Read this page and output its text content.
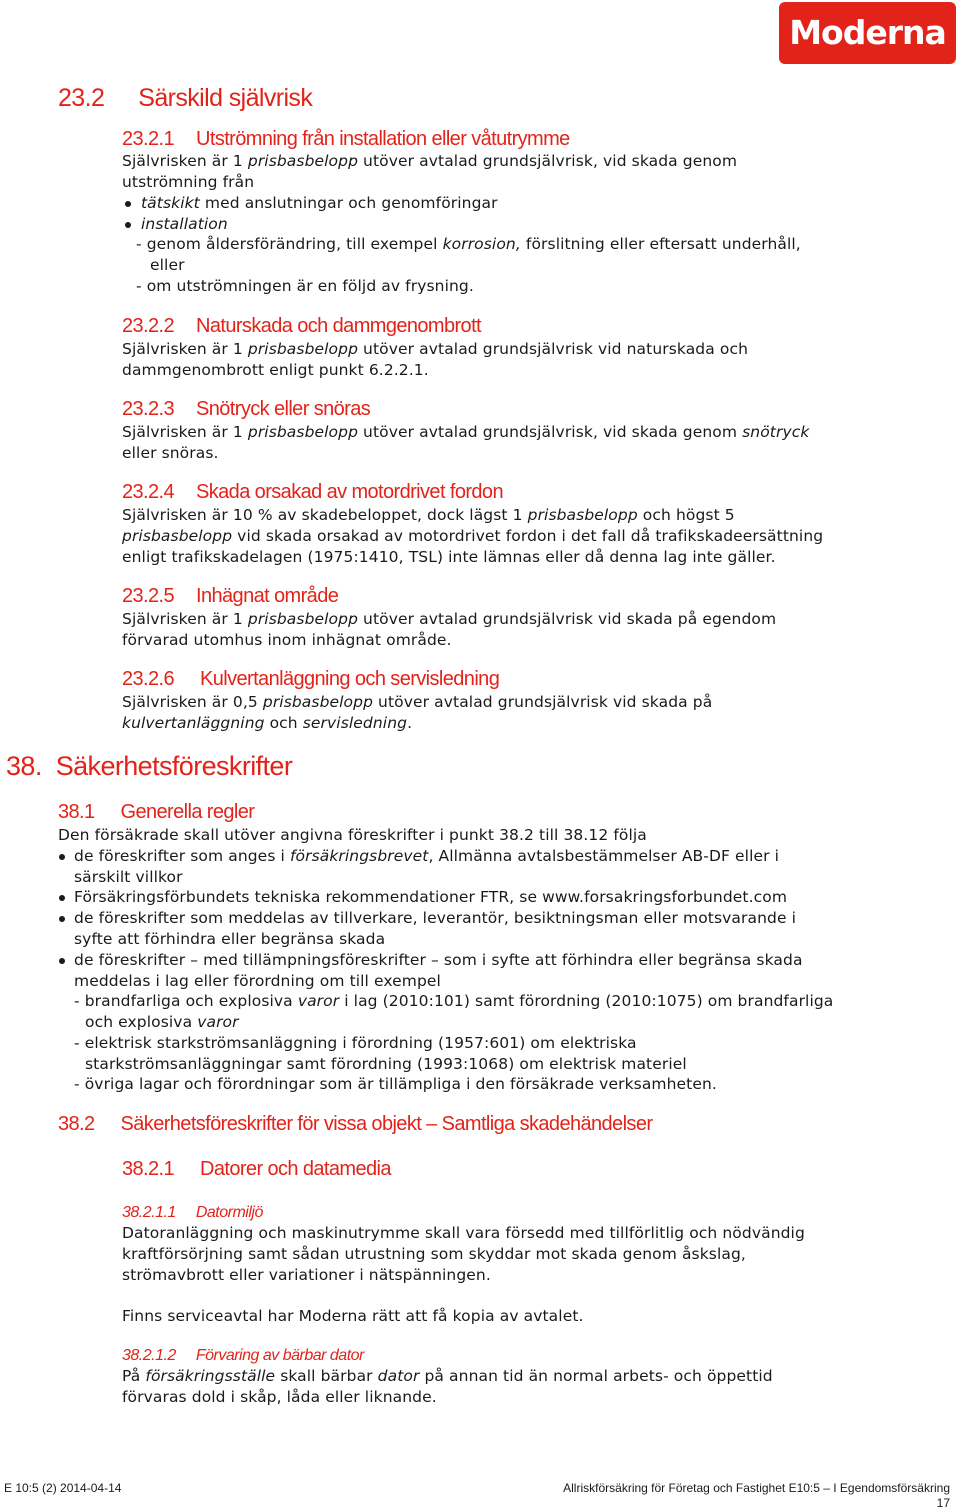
Moderna
23.2 Särskild självrisk
23.2.1 Utströmning från installation eller våtutrymme
Självrisken är 1 prisbasbelopp utöver avtalad grundsjälvrisk, vid skada genom
utströmning från
tätskikt med anslutningar och genomföringar
installation
- genom åldersförändring, till exempel korrosion, förslitning eller eftersatt underhåll,
eller
- om utströmningen är en följd av frysning.
23.2.2 Naturskada och dammgenombrott
Självrisken är 1 prisbasbelopp utöver avtalad grundsjälvrisk vid naturskada och
dammgenombrott enligt punkt 6.2.2.1.
23.2.3 Snötryck eller snöras
Självrisken är 1 prisbasbelopp utöver avtalad grundsjälvrisk, vid skada genom snötryck
eller snöras.
23.2.4 Skada orsakad av motordrivet fordon
Självrisken är 10 % av skadebeloppet, dock lägst 1 prisbasbelopp och högst 5
prisbasbelopp vid skada orsakad av motordrivet fordon i det fall då trafikskadeersättning
enligt trafikskadelagen (1975:1410, TSL) inte lämnas eller då denna lag inte gäller.
23.2.5 Inhägnat område
Självrisken är 1 prisbasbelopp utöver avtalad grundsjälvrisk vid skada på egendom
förvarad utomhus inom inhägnat område.
23.2.6 Kulvertanläggning och servisledning
Självrisken är 0,5 prisbasbelopp utöver avtalad grundsjälvrisk vid skada på
kulvertanläggning och servisledning.
38. Säkerhetsföreskrifter
38.1 Generella regler
Den försäkrade skall utöver angivna föreskrifter i punkt 38.2 till 38.12 följa
de föreskrifter som anges i försäkringsbrevet, Allmänna avtalsbestämmelser AB-DF eller i
särskilt villkor
Försäkringsförbundets tekniska rekommendationer FTR, se www.forsakringsforbundet.com
de föreskrifter som meddelas av tillverkare, leverantör, besiktningsman eller motsvarande i
syfte att förhindra eller begränsa skada
de föreskrifter – med tillämpningsföreskrifter – som i syfte att förhindra eller begränsa skada
meddelas i lag eller förordning om till exempel
- brandfarliga och explosiva varor i lag (2010:101) samt förordning (2010:1075) om brandfarliga
och explosiva varor
- elektrisk starkströmsanläggning i förordning (1957:601) om elektriska
starkströmsanläggningar samt förordning (1993:1068) om elektrisk materiel
- övriga lagar och förordningar som är tillämpliga i den försäkrade verksamheten.
38.2 Säkerhetsföreskrifter för vissa objekt – Samtliga skadehändelser
38.2.1 Datorer och datamedia
38.2.1.1 Datormiljö
Datoranläggning och maskinutrymme skall vara försedd med tillförlitlig och nödvändig
kraftförsörjning samt sådan utrustning som skyddar mot skada genom åskslag,
strömavbrott eller variationer i nätspänningen.
Finns serviceavtal har Moderna rätt att få kopia av avtalet.
38.2.1.2 Förvaring av bärbar dator
På försäkringsställe skall bärbar dator på annan tid än normal arbets- och öppettid
förvaras dold i skåp, låda eller liknande.
E 10:5 (2) 2014-04-14	Allriskförsäkring för Företag och Fastighet E10:5 – I Egendomsförsäkring
17
